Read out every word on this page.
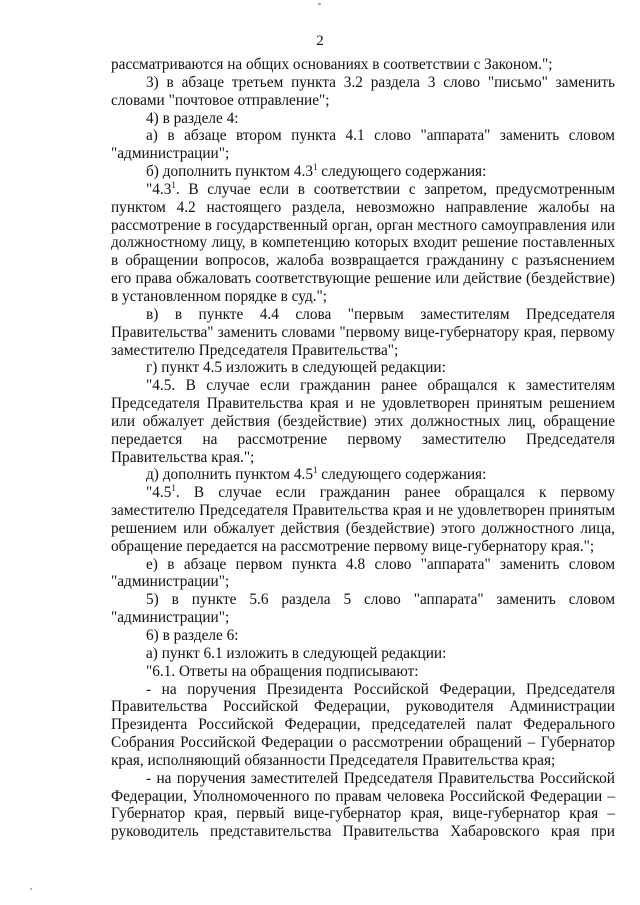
2

рассматриваются на общих основаниях в соответствии с Законом.";

3) в абзаце третьем пункта 3.2 раздела 3 слово "письмо" заменить словами "почтовое отправление";

4) в разделе 4:

а) в абзаце втором пункта 4.1 слово "аппарата" заменить словом "администрации";

б) дополнить пунктом $4.3^1$ следующего содержания:

"$4.3^1$. В случае если в соответствии с запретом, предусмотренным пунктом 4.2 настоящего раздела, невозможно направление жалобы на рассмотрение в государственный орган, орган местного самоуправления или должностному лицу, в компетенцию которых входит решение поставленных в обращении вопросов, жалоба возвращается гражданину с разъяснением его права обжаловать соответствующие решение или действие (бездействие) в установленном порядке в суд.";

в) в пункте 4.4 слова "первым заместителям Председателя Правительства" заменить словами "первому вице-губернатору края, первому заместителю Председателя Правительства";

г) пункт 4.5 изложить в следующей редакции:

"4.5. В случае если гражданин ранее обращался к заместителям Председателя Правительства края и не удовлетворен принятым решением или обжалует действия (бездействие) этих должностных лиц, обращение передается на рассмотрение первому заместителю Председателя Правительства края.";

д) дополнить пунктом $4.5^1$ следующего содержания:

"$4.5^1$. В случае если гражданин ранее обращался к первому заместителю Председателя Правительства края и не удовлетворен принятым решением или обжалует действия (бездействие) этого должностного лица, обращение передается на рассмотрение первому вице-губернатору края.";

е) в абзаце первом пункта 4.8 слово "аппарата" заменить словом "администрации";

5) в пункте 5.6 раздела 5 слово "аппарата" заменить словом "администрации";

6) в разделе 6:

а) пункт 6.1 изложить в следующей редакции:

"6.1. Ответы на обращения подписывают:

- на поручения Президента Российской Федерации, Председателя Правительства Российской Федерации, руководителя Администрации Президента Российской Федерации, председателей палат Федерального Собрания Российской Федерации о рассмотрении обращений – Губернатор края, исполняющий обязанности Председателя Правительства края;

- на поручения заместителей Председателя Правительства Российской Федерации, Уполномоченного по правам человека Российской Федерации – Губернатор края, первый вице-губернатор края, вице-губернатор края – руководитель представительства Правительства Хабаровского края при
